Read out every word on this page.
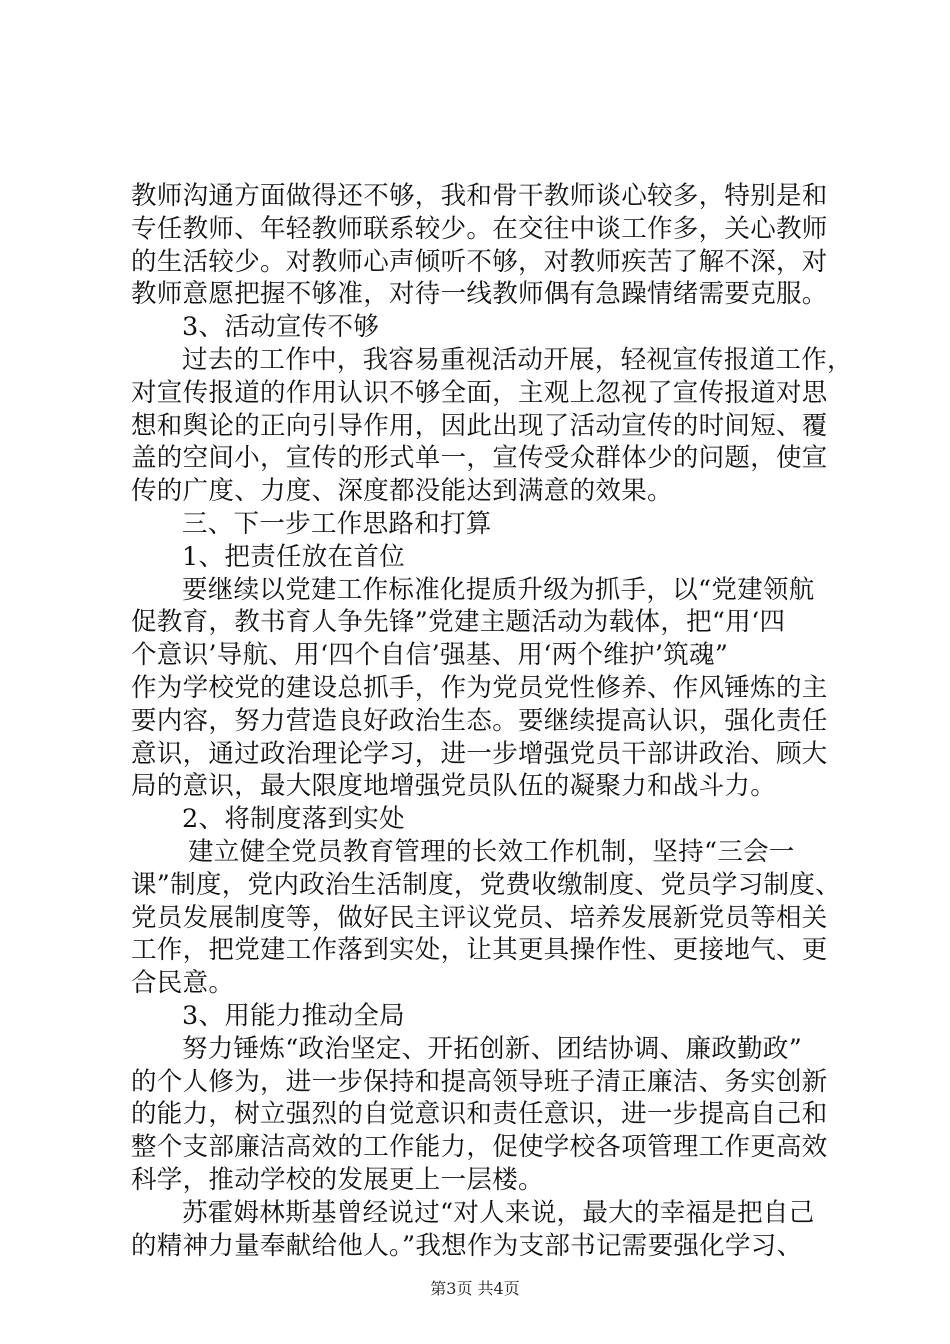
教师沟通方面做得还不够，我和骨干教师谈心较多，特别是和
专任教师、年轻教师联系较少。在交往中谈工作多，关心教师
的生活较少。对教师心声倾听不够，对教师疾苦了解不深，对
教师意愿把握不够准，对待一线教师偶有急躁情绪需要克服。
3、活动宣传不够
过去的工作中，我容易重视活动开展，轻视宣传报道工作，
对宣传报道的作用认识不够全面，主观上忽视了宣传报道对思
想和舆论的正向引导作用，因此出现了活动宣传的时间短、覆
盖的空间小，宣传的形式单一，宣传受众群体少的问题，使宣
传的广度、力度、深度都没能达到满意的效果。
三、下一步工作思路和打算
1、把责任放在首位
要继续以党建工作标准化提质升级为抓手，以“党建领航
促教育，教书育人争先锋”党建主题活动为载体，把“用‘四
个意识’导航、用‘四个自信’强基、用‘两个维护’筑魂”
作为学校党的建设总抓手，作为党员党性修养、作风锤炼的主
要内容，努力营造良好政治生态。要继续提高认识，强化责任
意识，通过政治理论学习，进一步增强党员干部讲政治、顾大
局的意识，最大限度地增强党员队伍的凝聚力和战斗力。
2、将制度落到实处
建立健全党员教育管理的长效工作机制，坚持“三会一
课”制度，党内政治生活制度，党费收缴制度、党员学习制度、
党员发展制度等，做好民主评议党员、培养发展新党员等相关
工作，把党建工作落到实处，让其更具操作性、更接地气、更
合民意。
3、用能力推动全局
努力锤炼“政治坚定、开拓创新、团结协调、廉政勤政”
的个人修为，进一步保持和提高领导班子清正廉洁、务实创新
的能力，树立强烈的自觉意识和责任意识，进一步提高自己和
整个支部廉洁高效的工作能力，促使学校各项管理工作更高效
科学，推动学校的发展更上一层楼。
苏霍姆林斯基曾经说过“对人来说，最大的幸福是把自己
的精神力量奉献给他人。”我想作为支部书记需要强化学习、
第3页 共4页
